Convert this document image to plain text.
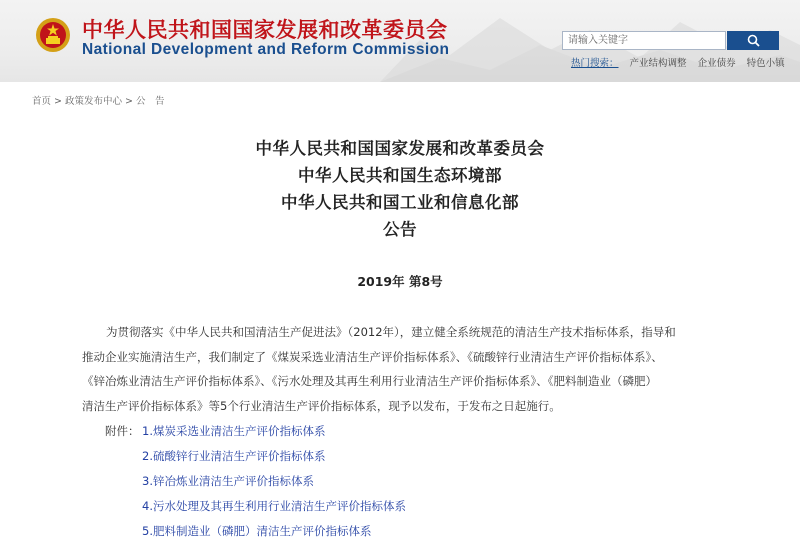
中华人民共和国国家发展和改革委员会
National Development and Reform Commission
请输入关键字
热门搜索： 产业结构调整 企业债券 特色小镇
首页 > 政策发布中心 > 公　告
中华人民共和国国家发展和改革委员会
中华人民共和国生态环境部
中华人民共和国工业和信息化部
公告
2019年 第8号
为贯彻落实《中华人民共和国清洁生产促进法》（2012年），建立健全系统规范的清洁生产技术指标体系，指导和
推动企业实施清洁生产，我们制定了《煤炭采选业清洁生产评价指标体系》、《硫酸锌行业清洁生产评价指标体系》、
《锌冶炼业清洁生产评价指标体系》、《污水处理及其再生利用行业清洁生产评价指标体系》、《肥料制造业（磷肥）
清洁生产评价指标体系》等5个行业清洁生产评价指标体系，现予以发布，于发布之日起施行。
附件： 1.煤炭采选业清洁生产评价指标体系
2.硫酸锌行业清洁生产评价指标体系
3.锌冶炼业清洁生产评价指标体系
4.污水处理及其再生利用行业清洁生产评价指标体系
5.肥料制造业（磷肥）清洁生产评价指标体系
